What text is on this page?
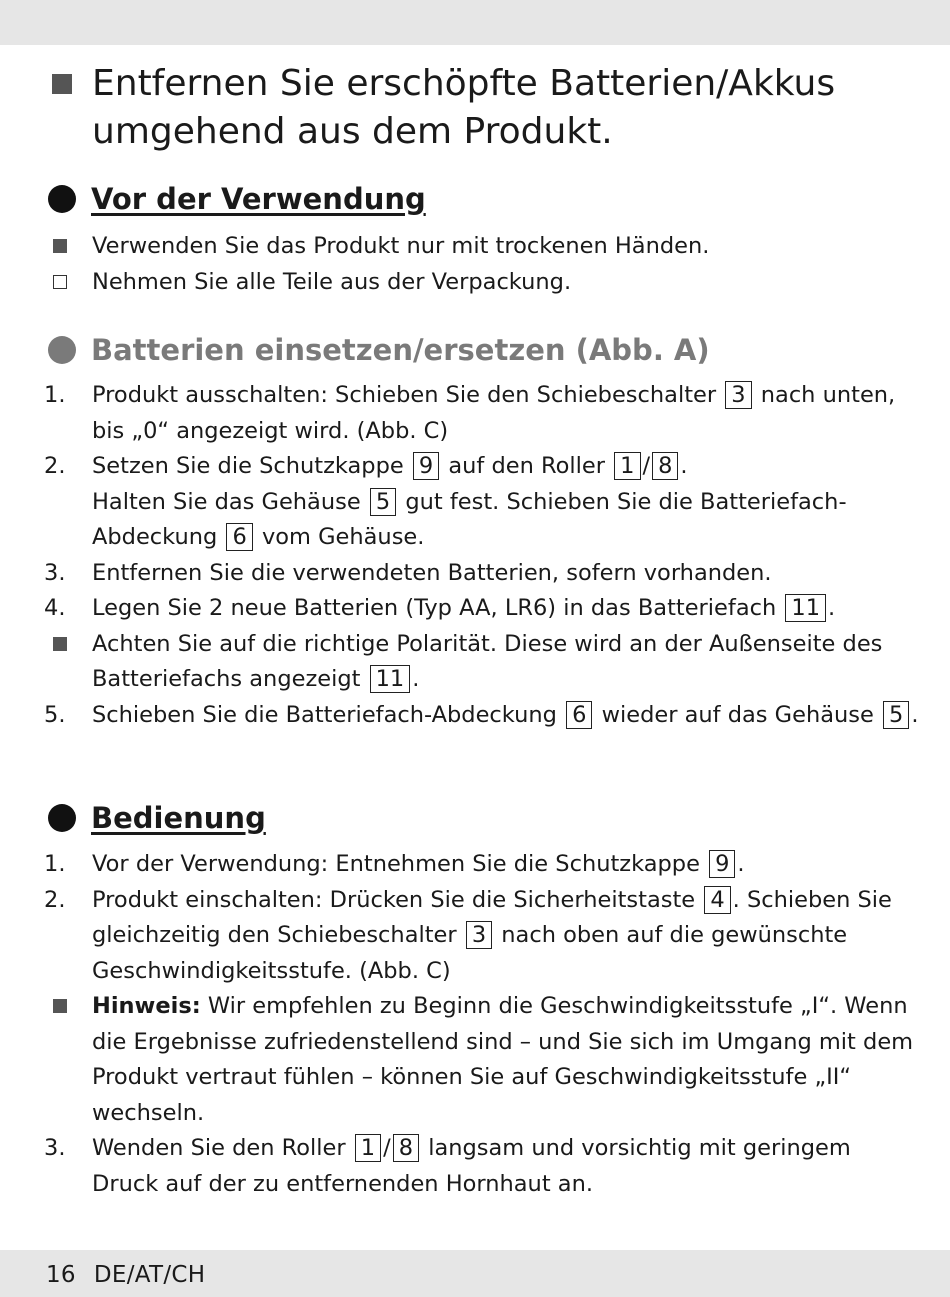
Entfernen Sie erschöpfte Batterien/Akkus umgehend aus dem Produkt.
Vor der Verwendung
Verwenden Sie das Produkt nur mit trockenen Händen.
Nehmen Sie alle Teile aus der Verpackung.
Batterien einsetzen/ersetzen (Abb. A)
1.	Produkt ausschalten: Schieben Sie den Schiebeschalter 3 nach unten, bis „0“ angezeigt wird. (Abb. C)
2.	Setzen Sie die Schutzkappe 9 auf den Roller 1 / 8 .
Halten Sie das Gehäuse 5 gut fest. Schieben Sie die Batteriefach-Abdeckung 6 vom Gehäuse.
3.	Entfernen Sie die verwendeten Batterien, sofern vorhanden.
4.	Legen Sie 2 neue Batterien (Typ AA, LR6) in das Batteriefach 11 .
Achten Sie auf die richtige Polarität. Diese wird an der Außenseite des Batteriefachs angezeigt 11 .
5.	Schieben Sie die Batteriefach-Abdeckung 6 wieder auf das Gehäuse 5 .
Bedienung
1.	Vor der Verwendung: Entnehmen Sie die Schutzkappe 9 .
2.	Produkt einschalten: Drücken Sie die Sicherheitstaste 4 . Schieben Sie gleichzeitig den Schiebeschalter 3 nach oben auf die gewünschte Geschwindigkeitsstufe. (Abb. C)
Hinweis: Wir empfehlen zu Beginn die Geschwindigkeitsstufe „I“. Wenn die Ergebnisse zufriedenstellend sind – und Sie sich im Umgang mit dem Produkt vertraut fühlen – können Sie auf Geschwindigkeitsstufe „II“ wechseln.
3.	Wenden Sie den Roller 1 / 8 langsam und vorsichtig mit geringem Druck auf der zu entfernenden Hornhaut an.
16 DE/AT/CH
